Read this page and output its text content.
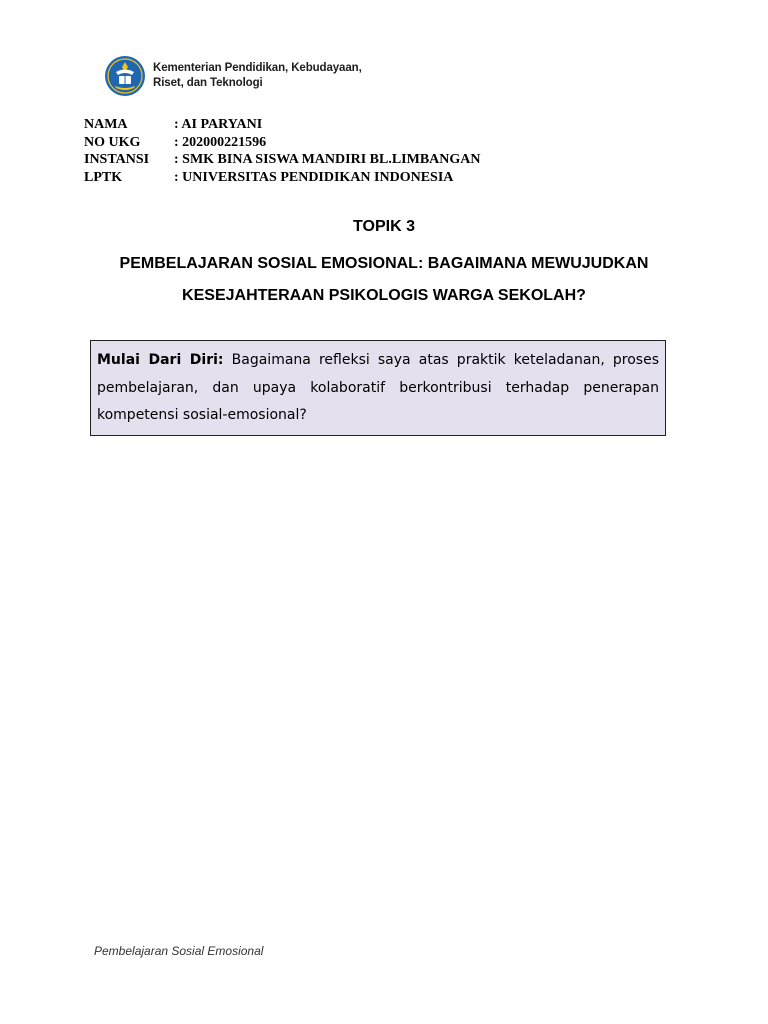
Kementerian Pendidikan, Kebudayaan,
Riset, dan Teknologi
NAMA	: AI PARYANI
NO UKG	: 202000221596
INSTANSI	: SMK BINA SISWA MANDIRI BL.LIMBANGAN
LPTK	: UNIVERSITAS PENDIDIKAN INDONESIA
TOPIK 3
PEMBELAJARAN SOSIAL EMOSIONAL: BAGAIMANA MEWUJUDKAN
KESEJAHTERAAN PSIKOLOGIS WARGA SEKOLAH?
Mulai Dari Diri: Bagaimana refleksi saya atas praktik keteladanan, proses pembelajaran, dan upaya kolaboratif berkontribusi terhadap penerapan kompetensi sosial-emosional?
Pembelajaran Sosial Emosional
